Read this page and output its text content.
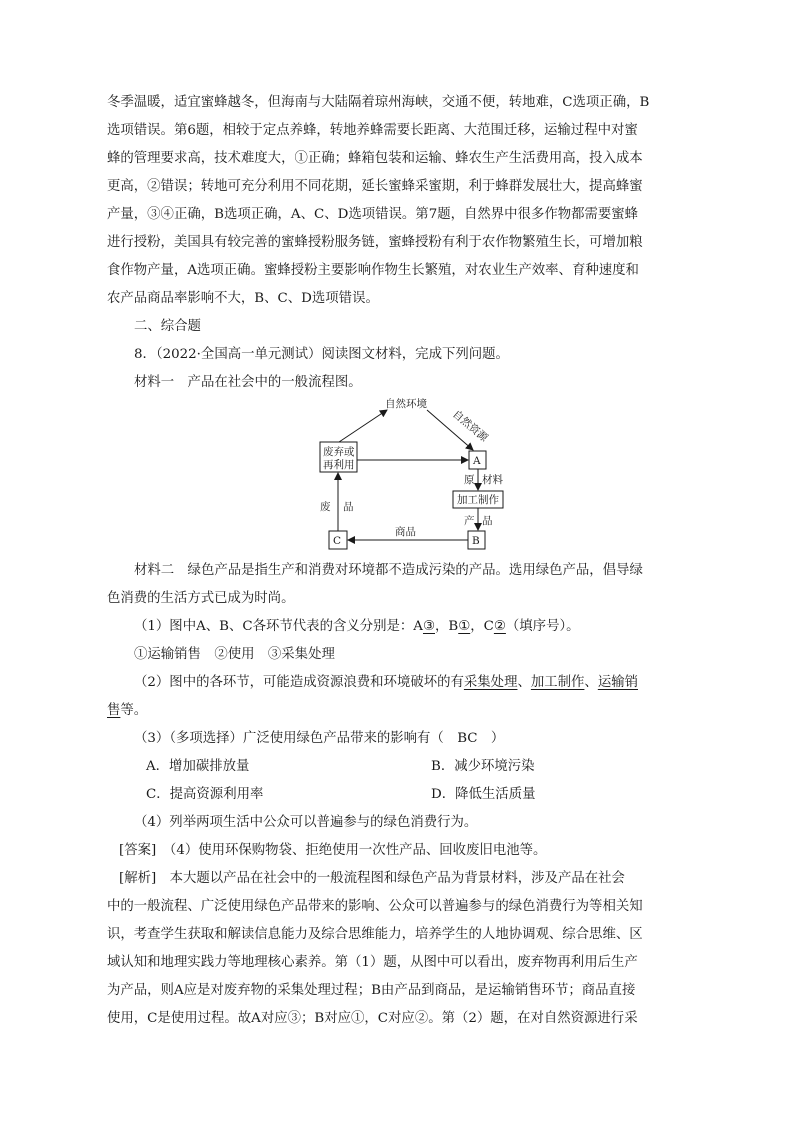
冬季温暖，适宜蜜蜂越冬，但海南与大陆隔着琼州海峡，交通不便，转地难，C选项正确，B

选项错误。第6题，相较于定点养蜂，转地养蜂需要长距离、大范围迁移，运输过程中对蜜

蜂的管理要求高，技术难度大，①正确；蜂箱包装和运输、蜂农生产生活费用高，投入成本

更高，②错误；转地可充分利用不同花期，延长蜜蜂采蜜期，利于蜂群发展壮大，提高蜂蜜

产量，③④正确，B选项正确，A、C、D选项错误。第7题，自然界中很多作物都需要蜜蜂

进行授粉，美国具有较完善的蜜蜂授粉服务链，蜜蜂授粉有利于农作物繁殖生长，可增加粮

食作物产量，A选项正确。蜜蜂授粉主要影响作物生长繁殖，对农业生产效率、育种速度和

农产品商品率影响不大，B、C、D选项错误。

二、综合题

8．（2022·全国高一单元测试）阅读图文材料，完成下列问题。

材料一　产品在社会中的一般流程图。

自然环境
自然资源
废弃或
再利用	A
原 材料
加工制作
产 品
B
商品
C
废 品

材料二　绿色产品是指生产和消费对环境都不造成污染的产品。选用绿色产品，倡导绿

色消费的生活方式已成为时尚。

（1）图中A、B、C各环节代表的含义分别是：A③，B①，C②（填序号）。

①运输销售　②使用　③采集处理

（2）图中的各环节，可能造成资源浪费和环境破坏的有采集处理、加工制作、运输销

售等。

（3）（多项选择）广泛使用绿色产品带来的影响有（　BC　）

A．增加碳排放量	B．减少环境污染
C．提高资源利用率	D．降低生活质量

（4）列举两项生活中公众可以普遍参与的绿色消费行为。

[答案]　（4）使用环保购物袋、拒绝使用一次性产品、回收废旧电池等。

[解析]　本大题以产品在社会中的一般流程图和绿色产品为背景材料，涉及产品在社会

中的一般流程、广泛使用绿色产品带来的影响、公众可以普遍参与的绿色消费行为等相关知

识，考查学生获取和解读信息能力及综合思维能力，培养学生的人地协调观、综合思维、区

域认知和地理实践力等地理核心素养。第（1）题，从图中可以看出，废弃物再利用后生产

为产品，则A应是对废弃物的采集处理过程；B由产品到商品，是运输销售环节；商品直接

使用，C是使用过程。故A对应③；B对应①，C对应②。第（2）题，在对自然资源进行采
